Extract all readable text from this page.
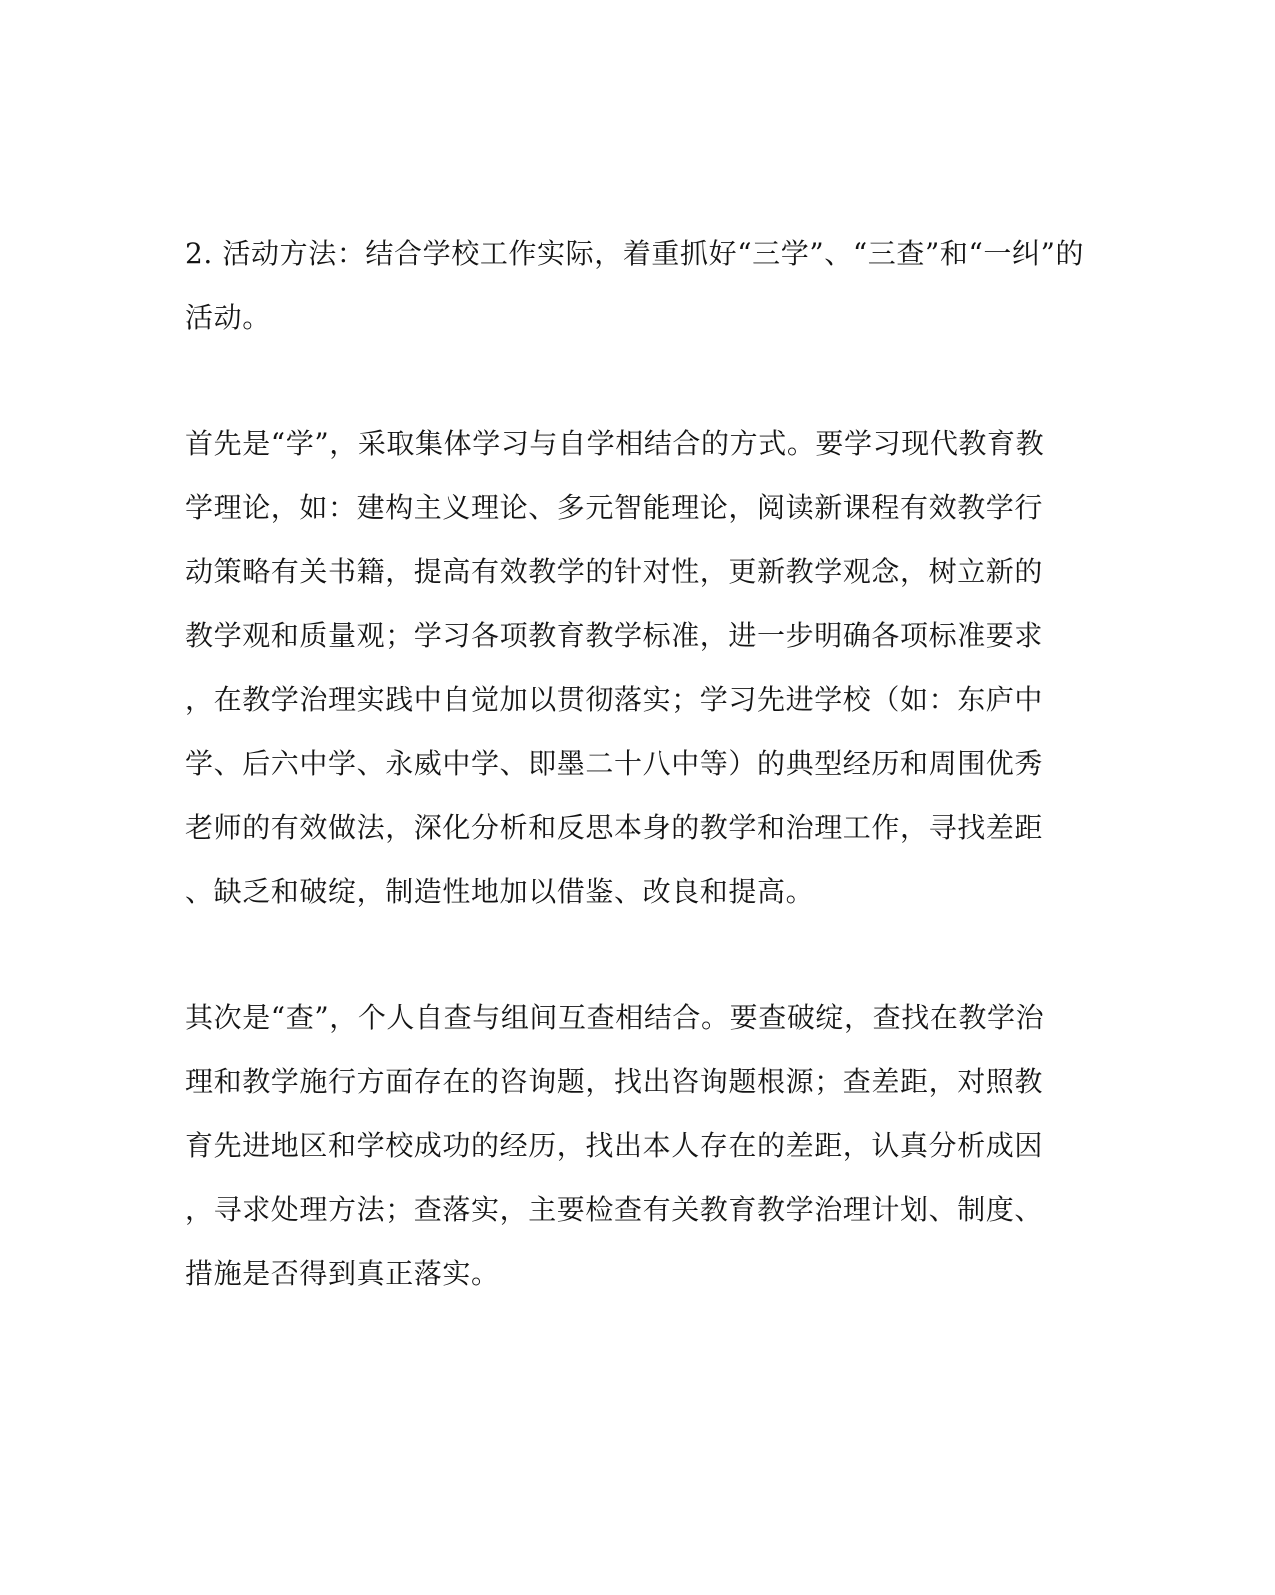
2. 活动方法：结合学校工作实际，着重抓好“三学”、“三查”和“一纠”的
活动。
首先是“学”，采取集体学习与自学相结合的方式。要学习现代教育教
学理论，如：建构主义理论、多元智能理论，阅读新课程有效教学行
动策略有关书籍，提高有效教学的针对性，更新教学观念，树立新的
教学观和质量观；学习各项教育教学标准，进一步明确各项标准要求
，在教学治理实践中自觉加以贯彻落实；学习先进学校（如：东庐中
学、后六中学、永威中学、即墨二十八中等）的典型经历和周围优秀
老师的有效做法，深化分析和反思本身的教学和治理工作，寻找差距
、缺乏和破绽，制造性地加以借鉴、改良和提高。
其次是“查”，个人自查与组间互查相结合。要查破绽，查找在教学治
理和教学施行方面存在的咨询题，找出咨询题根源；查差距，对照教
育先进地区和学校成功的经历，找出本人存在的差距，认真分析成因
，寻求处理方法；查落实，主要检查有关教育教学治理计划、制度、
措施是否得到真正落实。
